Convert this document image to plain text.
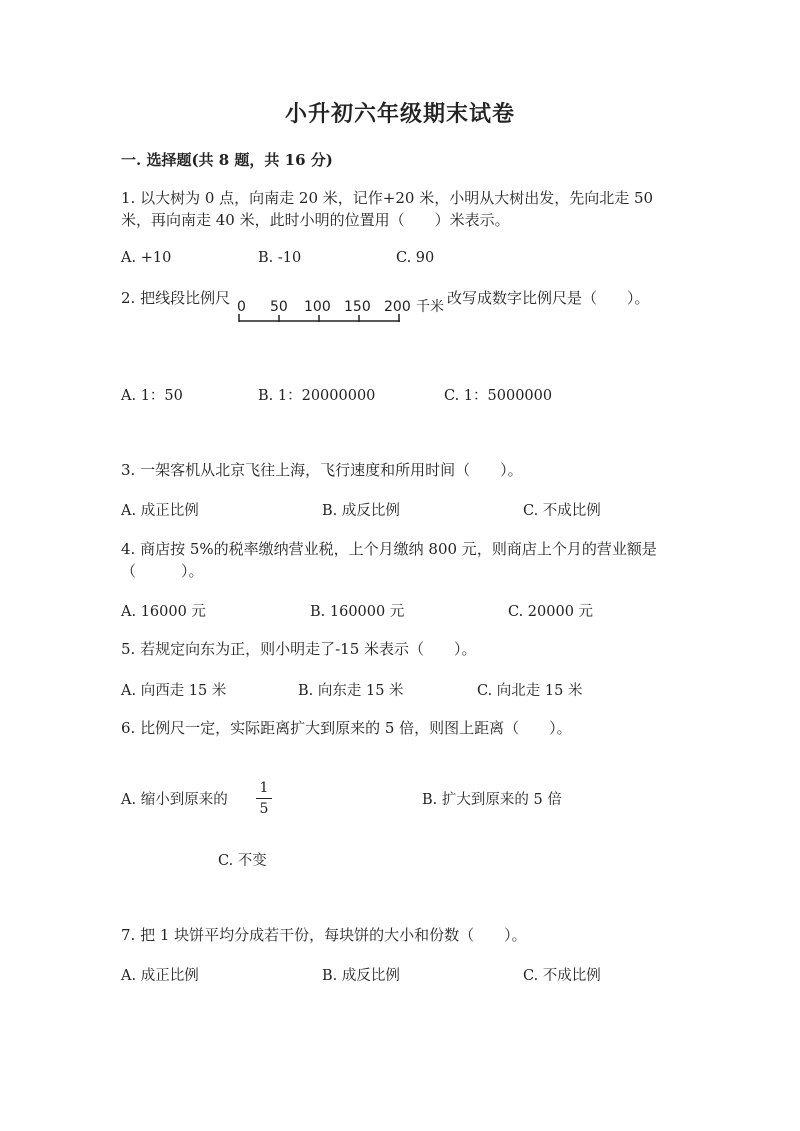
小升初六年级期末试卷
一. 选择题(共 8 题，共 16 分)
1. 以大树为 0 点，向南走 20 米，记作+20 米，小明从大树出发，先向北走 50
米，再向南走 40 米，此时小明的位置用（　　）米表示。
A. +10	B. -10	C. 90
2. 把线段比例尺 0 50 100 150 200 千米 改写成数字比例尺是（　　）。
A. 1：50	B. 1：20000000	C. 1：5000000
3. 一架客机从北京飞往上海，飞行速度和所用时间（　　）。
A. 成正比例	B. 成反比例	C. 不成比例
4. 商店按 5%的税率缴纳营业税，上个月缴纳 800 元，则商店上个月的营业额是
（　　　）。
A. 16000 元	B. 160000 元	C. 20000 元
5. 若规定向东为正，则小明走了-15 米表示（　　）。
A. 向西走 15 米	B. 向东走 15 米	C. 向北走 15 米
6. 比例尺一定，实际距离扩大到原来的 5 倍，则图上距离（　　）。
A. 缩小到原来的
1
5
B. 扩大到原来的 5 倍
C. 不变
7. 把 1 块饼平均分成若干份，每块饼的大小和份数（　　）。
A. 成正比例	B. 成反比例	C. 不成比例
